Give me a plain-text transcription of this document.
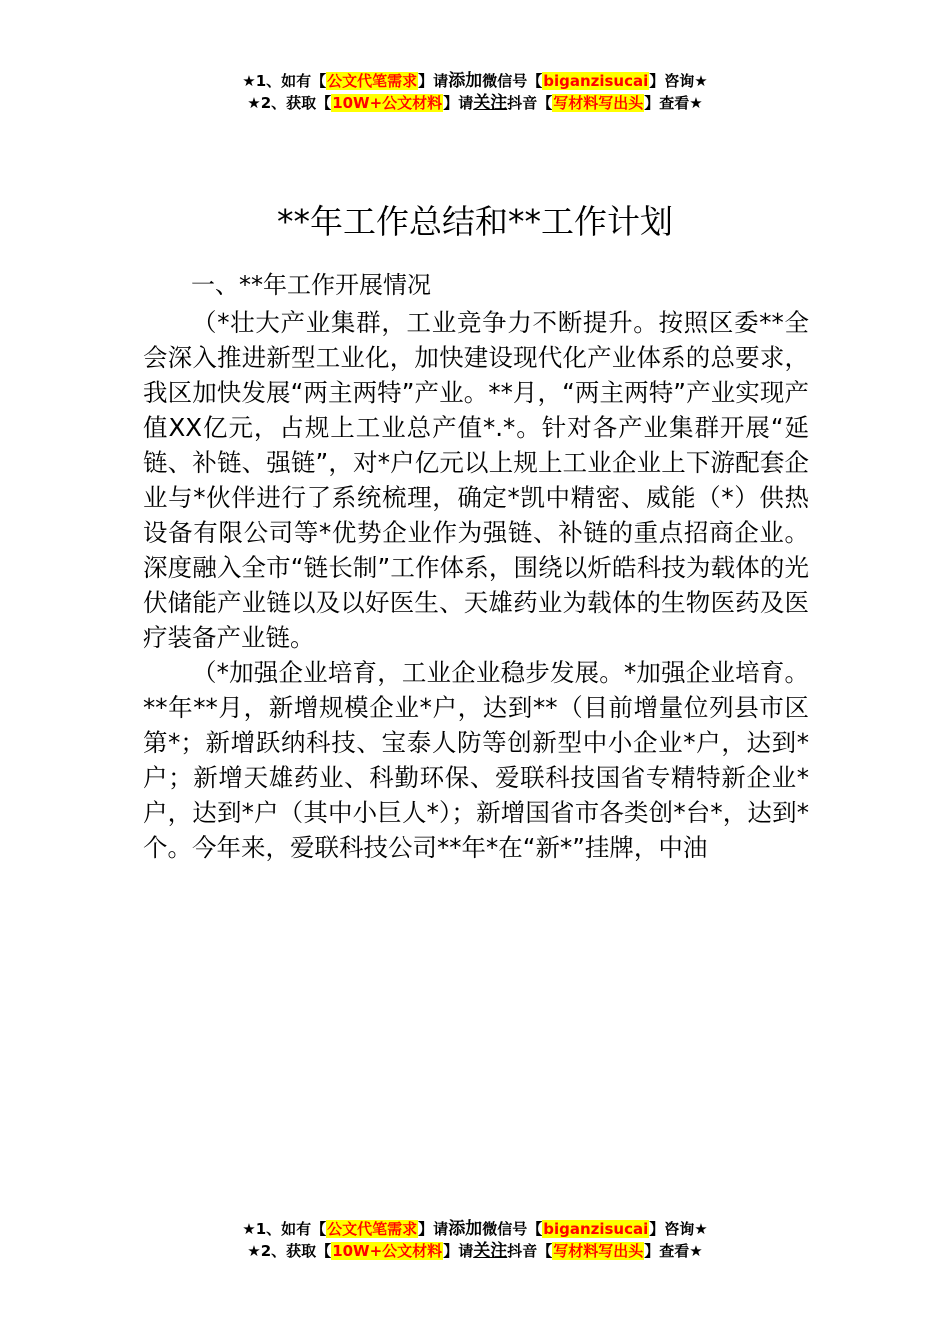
★1、如有【公文代笔需求】请添加微信号【biganzisucai】咨询★
★2、获取【10W+公文材料】请关注抖音【写材料写出头】查看★
**年工作总结和**工作计划
一、**年工作开展情况

（*壮大产业集群，工业竞争力不断提升。按照区委**全会深入推进新型工业化，加快建设现代化产业体系的总要求，我区加快发展“两主两特”产业。**月，“两主两特”产业实现产值XX亿元，占规上工业总产值*.*。针对各产业集群开展“延链、补链、强链”，对*户亿元以上规上工业企业上下游配套企业与*伙伴进行了系统梳理，确定*凯中精密、威能（*）供热设备有限公司等*优势企业作为强链、补链的重点招商企业。深度融入全市“链长制”工作体系，围绕以炘皓科技为载体的光伏储能产业链以及以好医生、天雄药业为载体的生物医药及医疗装备产业链。

（*加强企业培育，工业企业稳步发展。*加强企业培育。**年**月，新增规模企业*户，达到**（目前增量位列县市区第*；新增跃纳科技、宝泰人防等创新型中小企业*户，达到*户；新增天雄药业、科勤环保、爱联科技国省专精特新企业*户，达到*户（其中小巨人*）；新增国省市各类创*台*，达到*个。今年来，爱联科技公司**年*在“新*”挂牌，中油

★1、如有【公文代笔需求】请添加微信号【biganzisucai】咨询★
★2、获取【10W+公文材料】请关注抖音【写材料写出头】查看★
